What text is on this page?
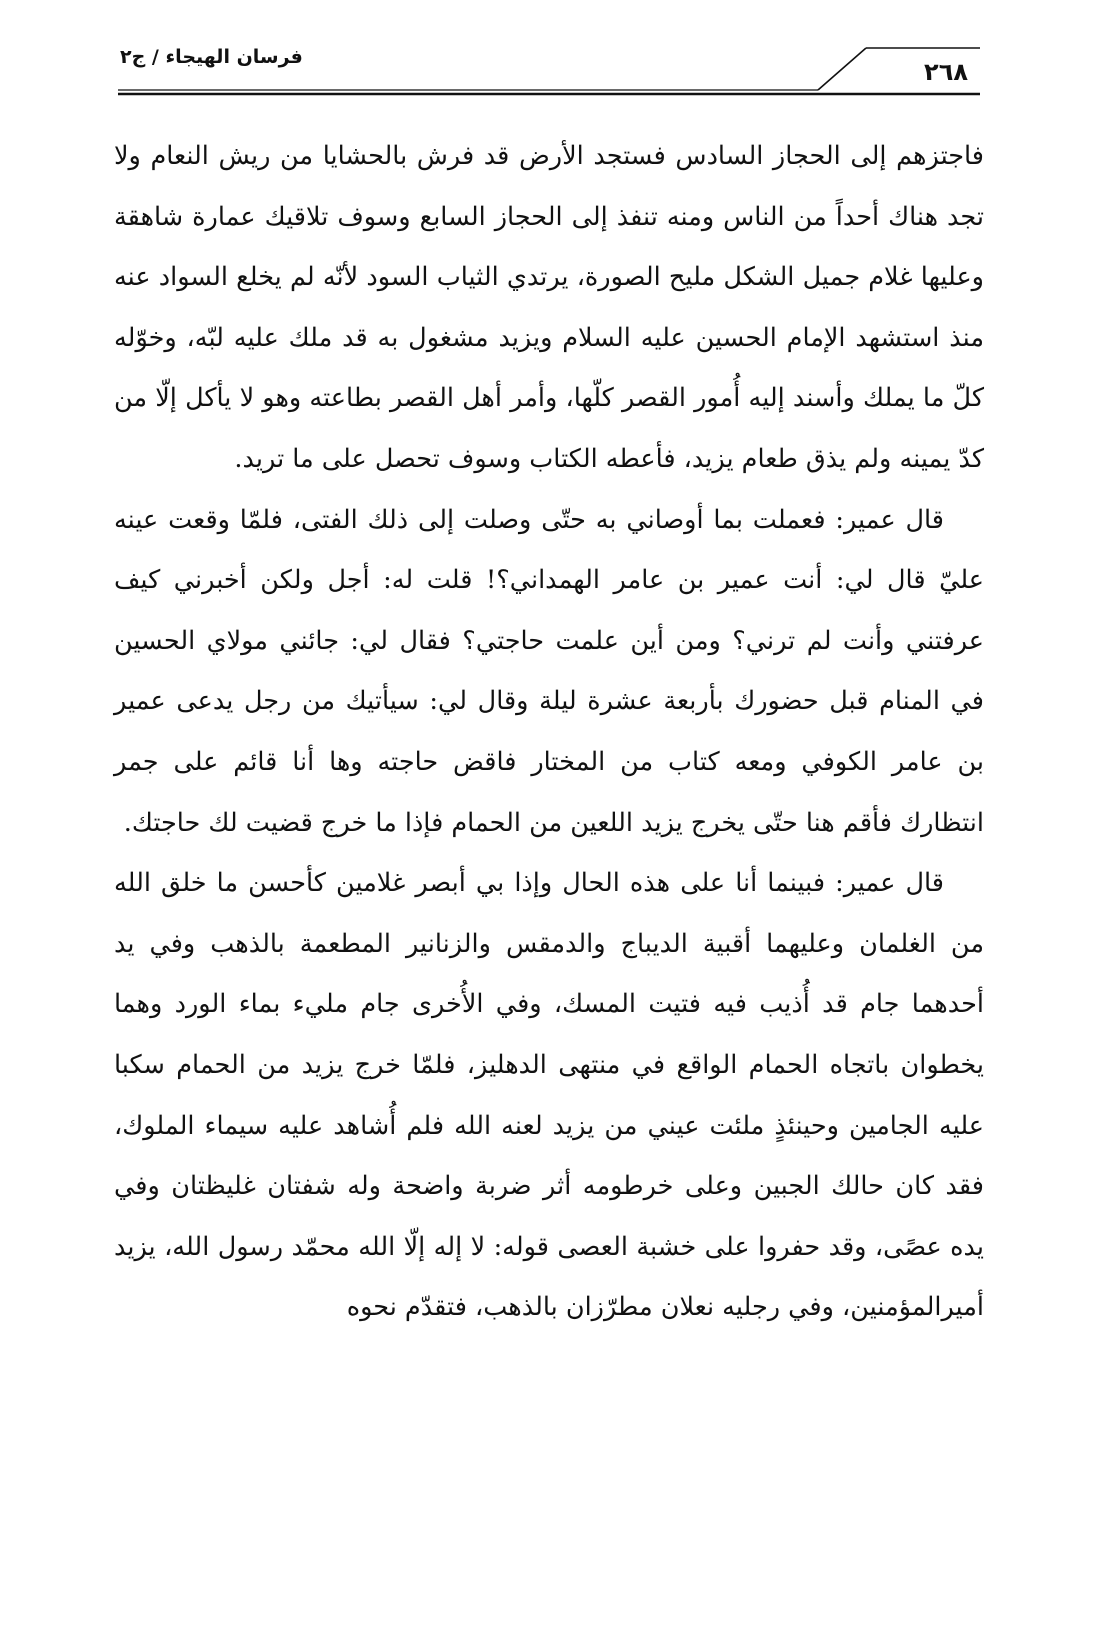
٢٦٨
فرسان الهيجاء / ج٢

فاجتزهم إلى الحجاز السادس فستجد الأرض قد فرش بالحشايا من ريش النعام ولا تجد هناك أحداً من الناس ومنه تنفذ إلى الحجاز السابع وسوف تلاقيك عمارة شاهقة وعليها غلام جميل الشكل مليح الصورة، يرتدي الثياب السود لأنّه لم يخلع السواد عنه منذ استشهد الإمام الحسين عليه السلام ويزيد مشغول به قد ملك عليه لبّه، وخوّله كلّ ما يملك وأسند إليه أُمور القصر كلّها، وأمر أهل القصر بطاعته وهو لا يأكل إلّا من كدّ يمينه ولم يذق طعام يزيد، فأعطه الكتاب وسوف تحصل على ما تريد.

قال عمير: فعملت بما أوصاني به حتّى وصلت إلى ذلك الفتى، فلمّا وقعت عينه عليّ قال لي: أنت عمير بن عامر الهمداني؟! قلت له: أجل ولكن أخبرني كيف عرفتني وأنت لم ترني؟ ومن أين علمت حاجتي؟ فقال لي: جائني مولاي الحسين في المنام قبل حضورك بأربعة عشرة ليلة وقال لي: سيأتيك من رجل يدعى عمير بن عامر الكوفي ومعه كتاب من المختار فاقض حاجته وها أنا قائم على جمر انتظارك فأقم هنا حتّى يخرج يزيد اللعين من الحمام فإذا ما خرج قضيت لك حاجتك.

قال عمير: فبينما أنا على هذه الحال وإذا بي أبصر غلامين كأحسن ما خلق الله من الغلمان وعليهما أقبية الديباج والدمقس والزنانير المطعمة بالذهب وفي يد أحدهما جام قد أُذيب فيه فتيت المسك، وفي الأُخرى جام مليء بماء الورد وهما يخطوان باتجاه الحمام الواقع في منتهى الدهليز، فلمّا خرج يزيد من الحمام سكبا عليه الجامين وحينئذٍ ملئت عيني من يزيد لعنه الله فلم أُشاهد عليه سيماء الملوك، فقد كان حالك الجبين وعلى خرطومه أثر ضربة واضحة وله شفتان غليظتان وفي يده عصًى، وقد حفروا على خشبة العصى قوله: لا إله إلّا الله محمّد رسول الله، يزيد أميرالمؤمنين، وفي رجليه نعلان مطرّزان بالذهب، فتقدّم نحوه
